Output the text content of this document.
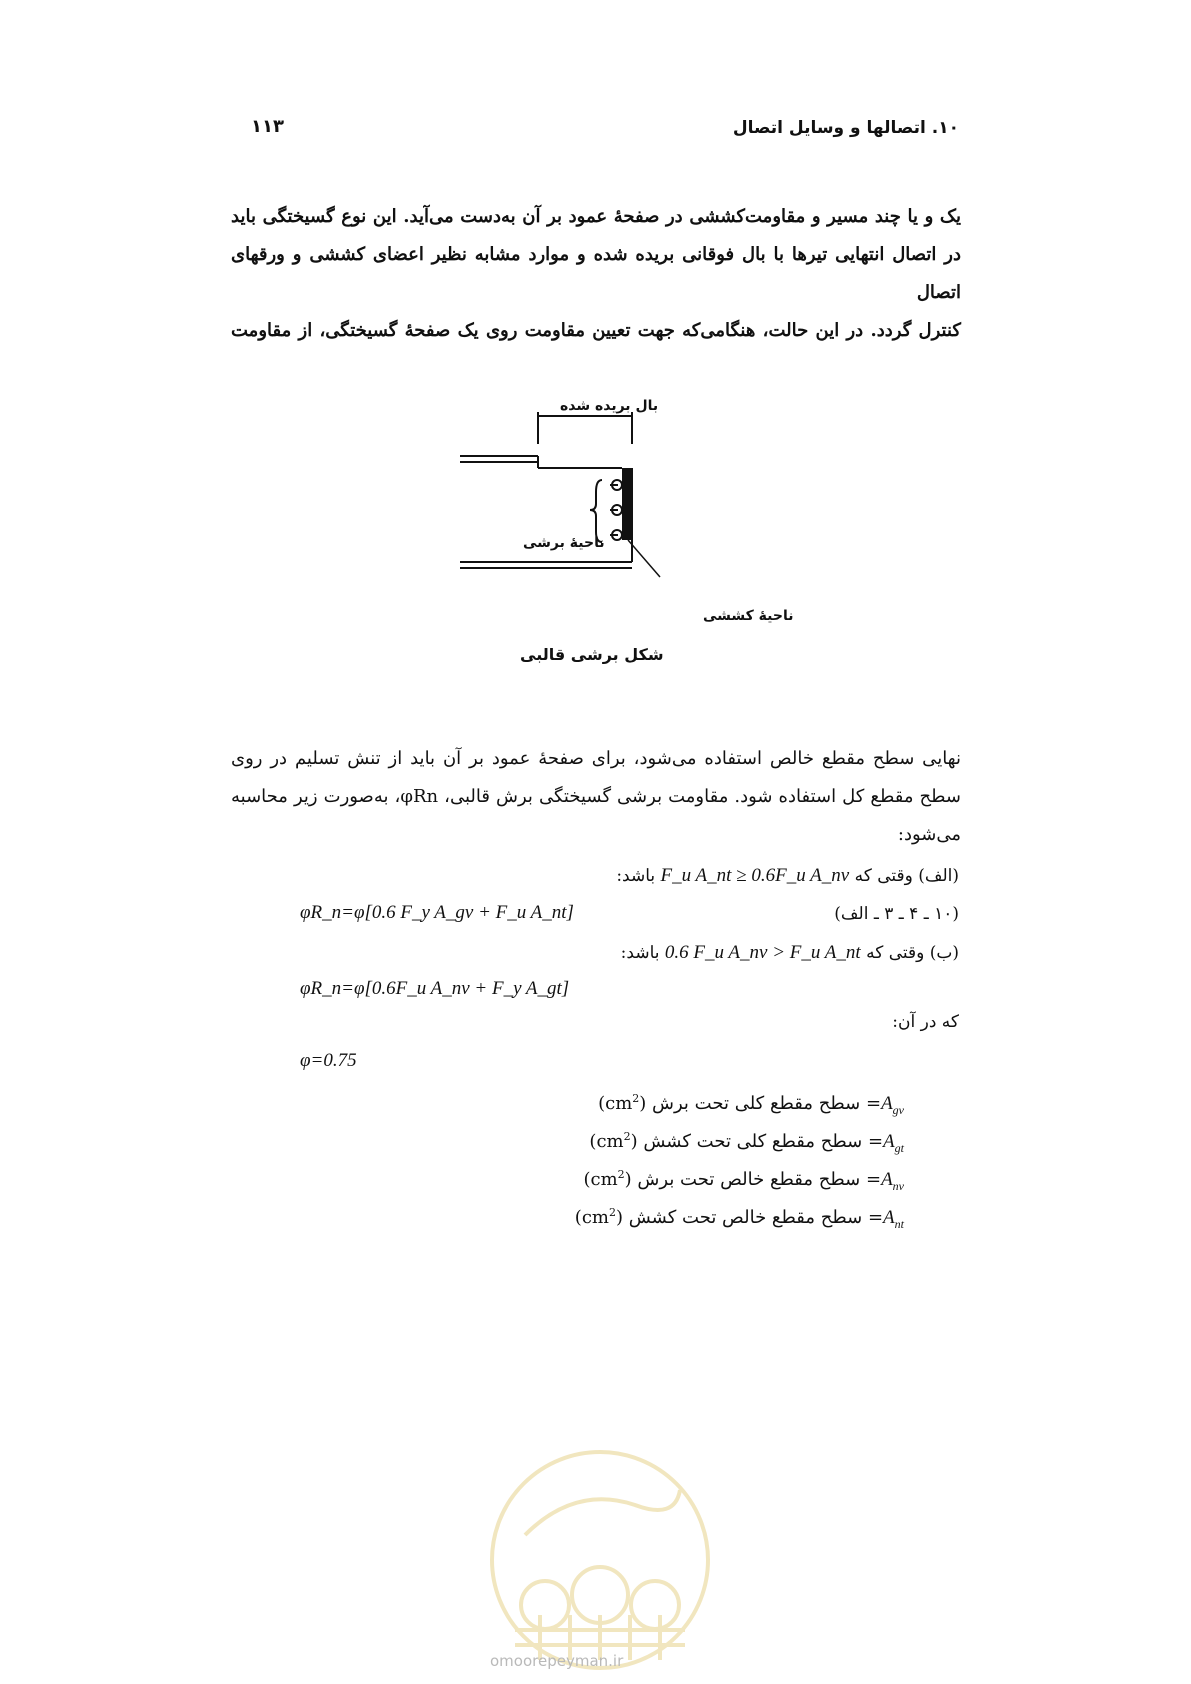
۱۱۳	۱۰. اتصالها و وسایل اتصال
یک و یا چند مسیر و مقاومت‌کششی در صفحهٔ عمود بر آن به‌دست می‌آید. این نوع گسیختگی باید
در اتصال انتهایی تیرها با بال فوقانی بریده شده و موارد مشابه نظیر اعضای کششی و ورقهای اتصال
کنترل گردد. در این حالت، هنگامی‌که جهت تعیین مقاومت روی یک صفحهٔ گسیختگی، از مقاومت
بال بریده شده
ناحیهٔ برشی
ناحیهٔ کششی
شکل برشی قالبی
نهایی سطح مقطع خالص استفاده می‌شود، برای صفحهٔ عمود بر آن باید از تنش تسلیم در روی
سطح مقطع کل استفاده شود. مقاومت برشی گسیختگی برش قالبی، φRn، به‌صورت زیر محاسبه
می‌شود:
(الف) وقتی که F_u A_nt ≥ 0.6F_u A_nv باشد:
φR_n=φ[0.6 F_y A_gv + F_u A_nt]	(۱۰ ـ ۴ ـ ۳ ـ الف)
(ب) وقتی که 0.6 F_u A_nv > F_u A_nt باشد:
φR_n=φ[0.6F_u A_nv + F_y A_gt]
که در آن:
φ=0.75
$A_{gv}=$ سطح مقطع کلی تحت برش $(cm^2)$
$A_{gt}=$ سطح مقطع کلی تحت کشش $(cm^2)$
$A_{nv}=$ سطح مقطع خالص تحت برش $(cm^2)$
$A_{nt}=$ سطح مقطع خالص تحت کشش $(cm^2)$
omoorepeyman.ir
